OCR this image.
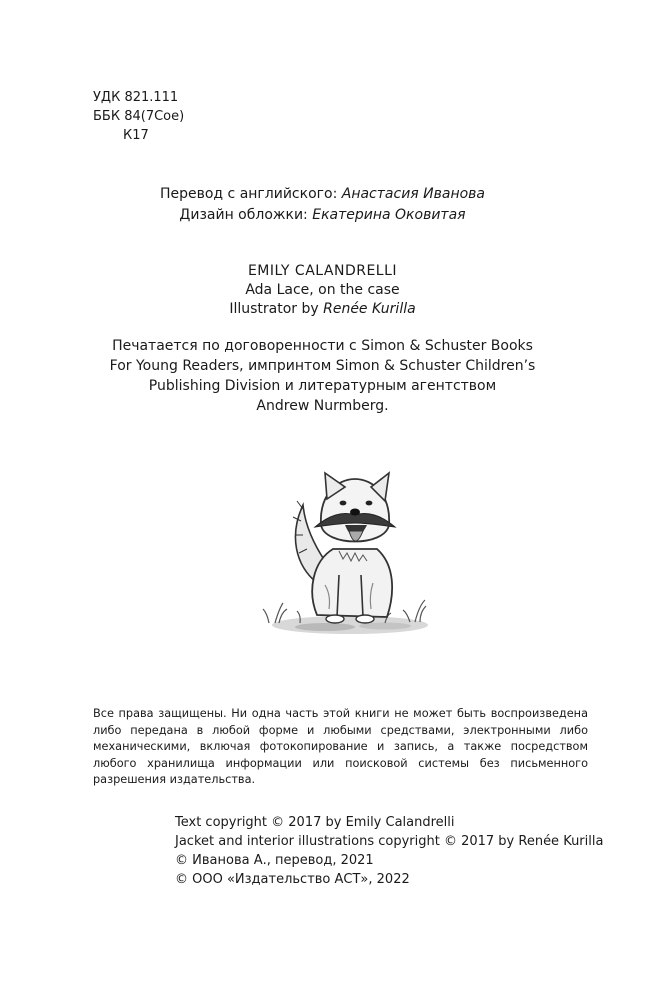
УДК 821.111
ББК 84(7Сое)
К17
Перевод с английского: Анастасия Иванова
Дизайн обложки: Екатерина Оковитая
EMILY CALANDRELLI
Ada Lace, on the case
Illustrator by Renée Kurilla
Печатается по договоренности с Simon & Schuster Books
For Young Readers, импринтом Simon & Schuster Children’s
Publishing Division и литературным агентством
Andrew Nurmberg.

Все права защищены. Ни одна часть этой книги не может быть воспроизведена либо передана в любой форме и любыми средствами, электронными либо механическими, включая фотокопирование и запись, а также посредством любого хранилища информации или поисковой системы без письменного разрешения издательства.

Text copyright © 2017 by Emily Calandrelli
Jacket and interior illustrations copyright © 2017 by Renée Kurilla
© Иванова А., перевод, 2021
© ООО «Издательство АСТ», 2022
